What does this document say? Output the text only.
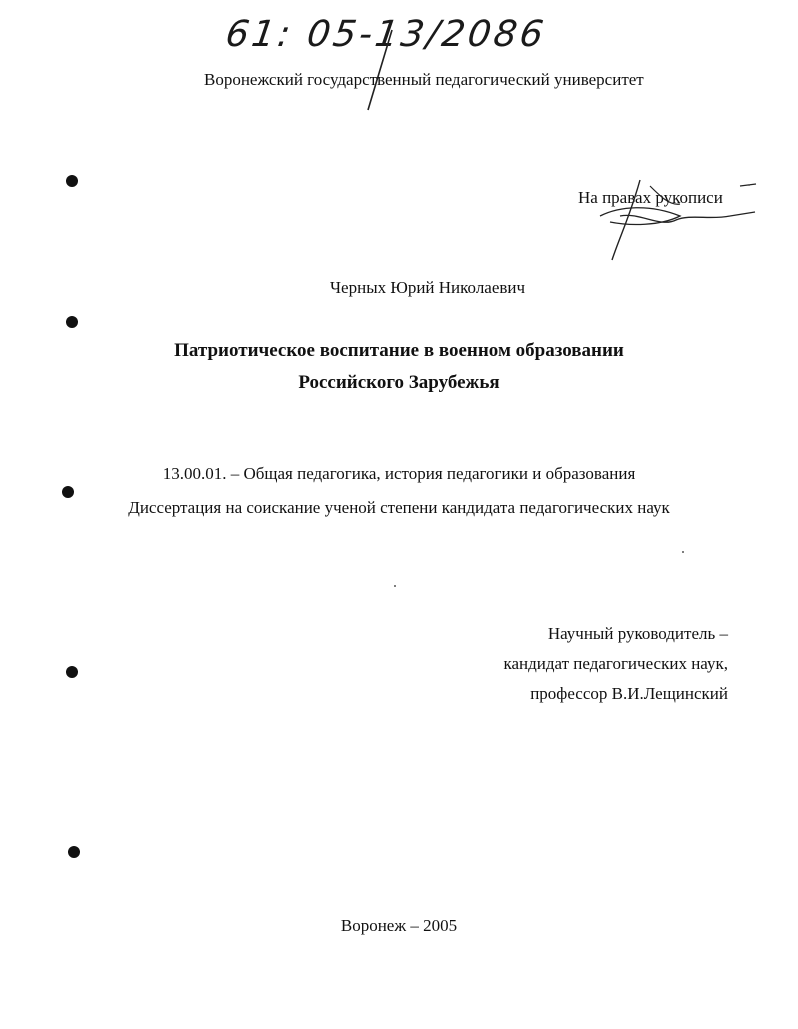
61: 05-13/2086
Воронежский государственный педагогический университет
На правах рукописи
Черных Юрий Николаевич
Патриотическое воспитание в военном образовании
Российского Зарубежья
13.00.01. – Общая педагогика, история педагогики и образования
Диссертация на соискание ученой степени кандидата педагогических наук
Научный руководитель –
кандидат педагогических наук,
профессор В.И.Лещинский
Воронеж – 2005
